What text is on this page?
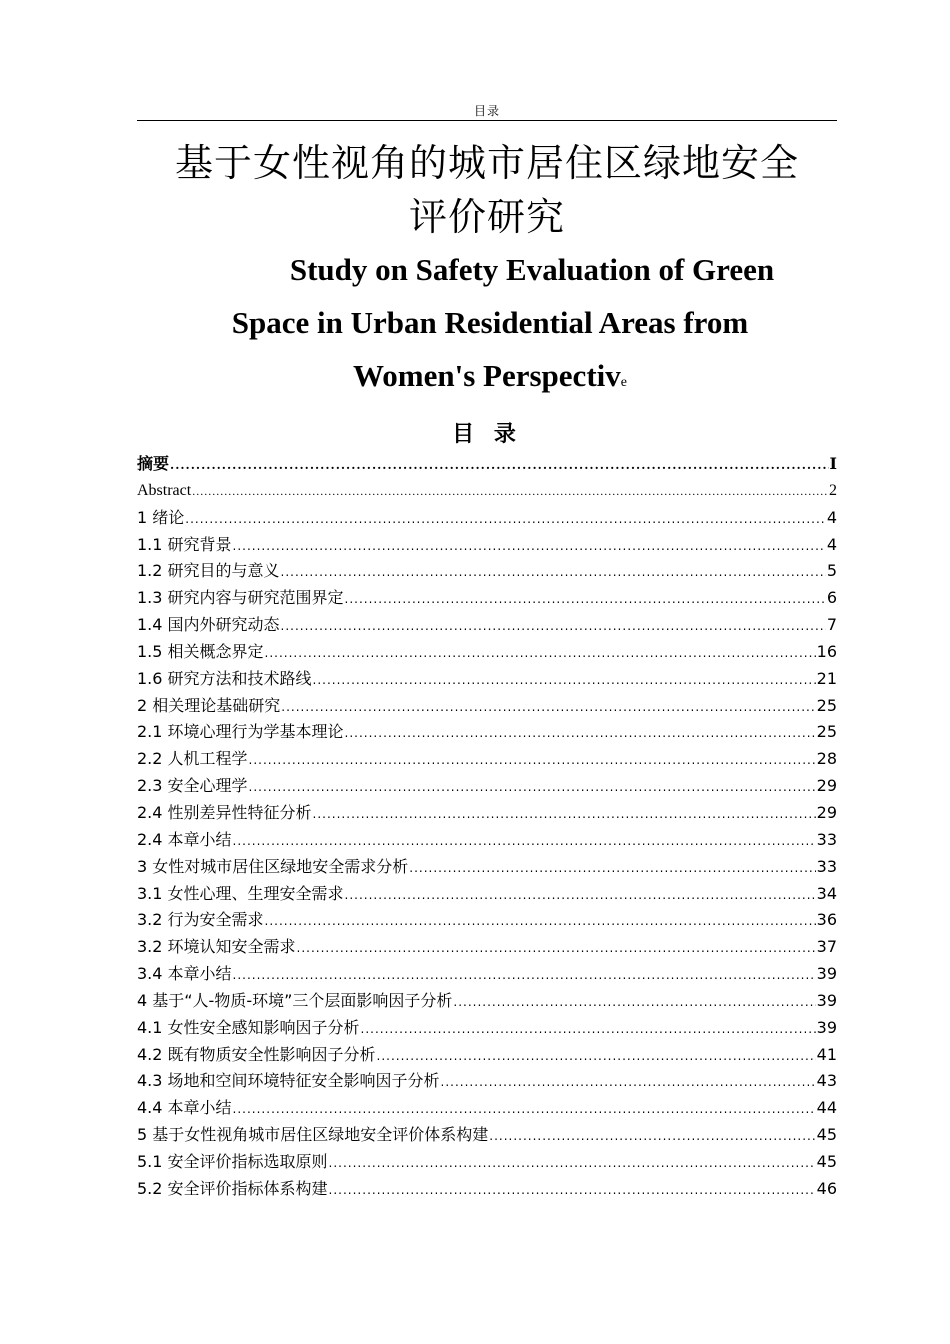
目录
基于女性视角的城市居住区绿地安全
评价研究
Study on Safety Evaluation of Green
Space in Urban Residential Areas from
Women's Perspective
目 录
摘要 .....	I
Abstract .....	2
1 绪论 .....	4
1.1 研究背景 .....	4
1.2 研究目的与意义 .....	5
1.3 研究内容与研究范围界定 .....	6
1.4 国内外研究动态 .....	7
1.5 相关概念界定 .....	16
1.6 研究方法和技术路线 .....	21
2 相关理论基础研究 .....	25
2.1 环境心理行为学基本理论 .....	25
2.2 人机工程学 .....	28
2.3 安全心理学 .....	29
2.4 性别差异性特征分析 .....	29
2.4 本章小结 .....	33
3 女性对城市居住区绿地安全需求分析 .....	33
3.1 女性心理、生理安全需求 .....	34
3.2 行为安全需求 .....	36
3.2 环境认知安全需求 .....	37
3.4 本章小结 .....	39
4 基于“人-物质-环境”三个层面影响因子分析 .....	39
4.1 女性安全感知影响因子分析 .....	39
4.2 既有物质安全性影响因子分析 .....	41
4.3 场地和空间环境特征安全影响因子分析 .....	43
4.4 本章小结 .....	44
5 基于女性视角城市居住区绿地安全评价体系构建 .....	45
5.1 安全评价指标选取原则 .....	45
5.2 安全评价指标体系构建 .....	46
